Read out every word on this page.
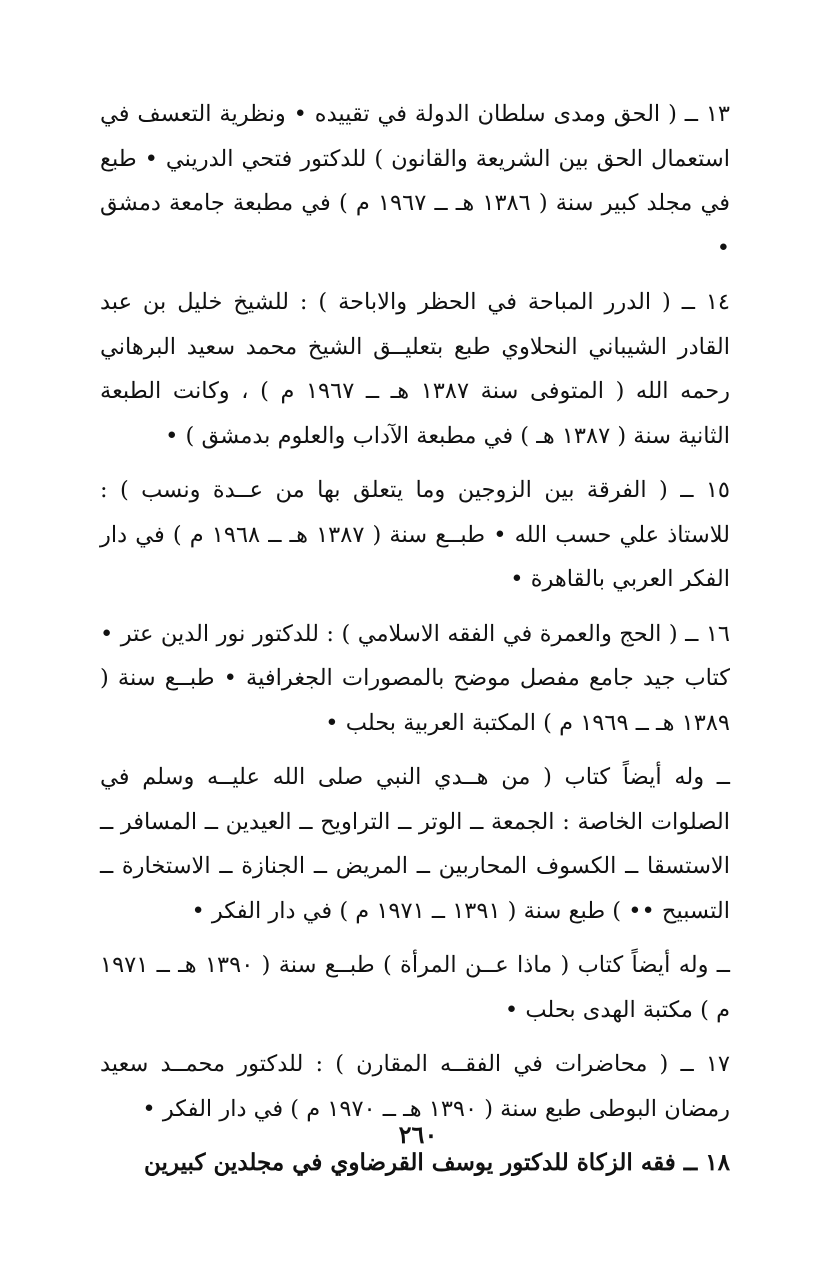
١٣ ــ ( الحق ومدى سلطان الدولة في تقييده • ونظرية التعسف في استعمال الحق بين الشريعة والقانون ) للدكتور فتحي الدريني • طبع في مجلد كبير سنة ( ١٣٨٦ هـ ــ ١٩٦٧ م ) في مطبعة جامعة دمشق •

١٤ ــ ( الدرر المباحة في الحظر والاباحة ) : للشيخ خليل بن عبد القادر الشيباني النحلاوي طبع بتعليــق الشيخ محمد سعيد البرهاني رحمه الله ( المتوفى سنة ١٣٨٧ هـ ــ ١٩٦٧ م ) ، وكانت الطبعة الثانية سنة ( ١٣٨٧ هـ ) في مطبعة الآداب والعلوم بدمشق ) •

١٥ ــ ( الفرقة بين الزوجين وما يتعلق بها من عــدة ونسب ) : للاستاذ علي حسب الله • طبــع سنة ( ١٣٨٧ هـ ــ ١٩٦٨ م ) في دار الفكر العربي بالقاهرة •

١٦ ــ ( الحج والعمرة في الفقه الاسلامي ) : للدكتور نور الدين عتر • كتاب جيد جامع مفصل موضح بالمصورات الجغرافية • طبــع سنة ( ١٣٨٩ هـ ــ ١٩٦٩ م ) المكتبة العربية بحلب •

ــ وله أيضاً كتاب ( من هــدي النبي صلى الله عليــه وسلم في الصلوات الخاصة : الجمعة ــ الوتر ــ التراويح ــ العيدين ــ المسافر ــ الاستسقا ــ الكسوف المحاربين ــ المريض ــ الجنازة ــ الاستخارة ــ التسبيح •• ) طبع سنة ( ١٣٩١ ــ ١٩٧١ م ) في دار الفكر •

ــ وله أيضاً كتاب ( ماذا عــن المرأة ) طبــع سنة ( ١٣٩٠ هـ ــ ١٩٧١ م ) مكتبة الهدى بحلب •

١٧ ــ ( محاضرات في الفقــه المقارن ) : للدكتور محمــد سعيد رمضان البوطى طبع سنة ( ١٣٩٠ هـ ــ ١٩٧٠ م ) في دار الفكر •

١٨ ــ فقه الزكاة للدكتور يوسف القرضاوي في مجلدين كبيرين

٢٦٠
